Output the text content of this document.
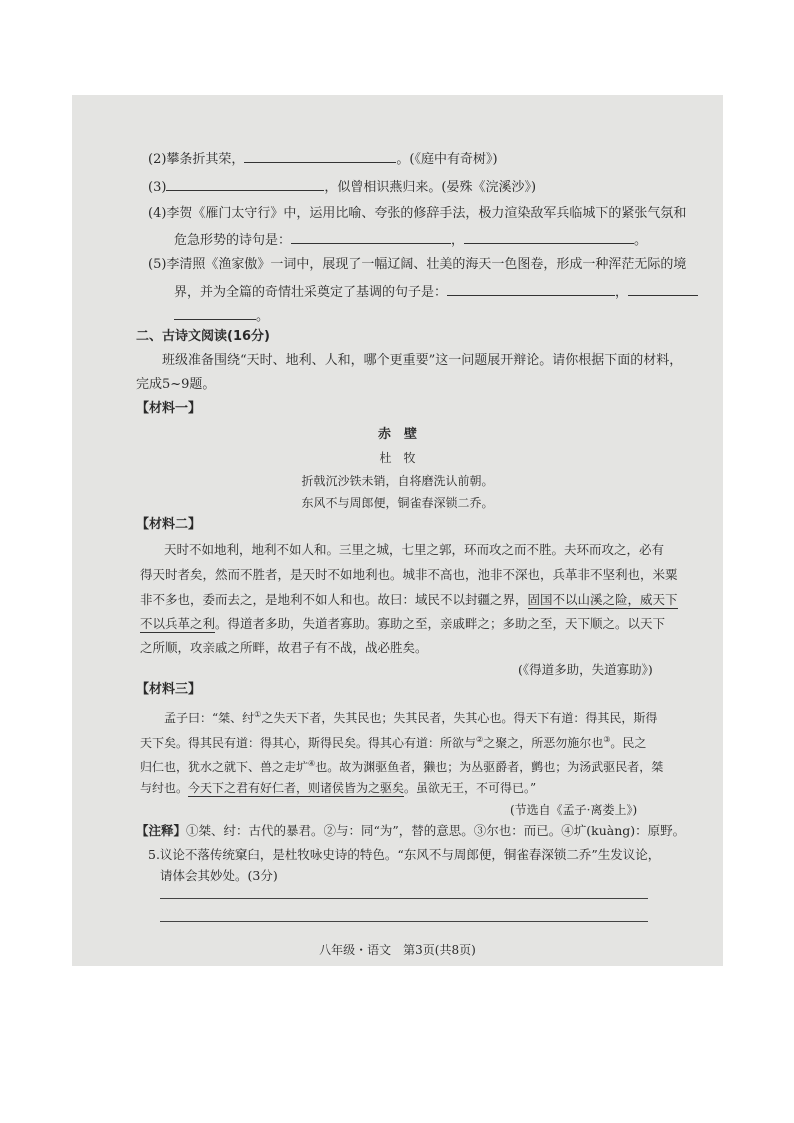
(2)攀条折其荣，	。(《庭中有奇树》)
(3)	，似曾相识燕归来。(晏殊《浣溪沙》)
(4)李贺《雁门太守行》中，运用比喻、夸张的修辞手法，极力渲染敌军兵临城下的紧张气氛和
危急形势的诗句是：	，	。
(5)李清照《渔家傲》一词中，展现了一幅辽阔、壮美的海天一色图卷，形成一种浑茫无际的境
界，并为全篇的奇情壮采奠定了基调的句子是：	，
。
二、古诗文阅读(16分)
班级准备围绕“天时、地利、人和，哪个更重要”这一问题展开辩论。请你根据下面的材料，
完成5~9题。
【材料一】
赤　壁
杜　牧
折戟沉沙铁未销，自将磨洗认前朝。
东风不与周郎便，铜雀春深锁二乔。
【材料二】
天时不如地利，地利不如人和。三里之城，七里之郭，环而攻之而不胜。夫环而攻之，必有
得天时者矣，然而不胜者，是天时不如地利也。城非不高也，池非不深也，兵革非不坚利也，米粟
非不多也，委而去之，是地利不如人和也。故曰：域民不以封疆之界，固国不以山溪之险，威天下
不以兵革之利。得道者多助，失道者寡助。寡助之至，亲戚畔之；多助之至，天下顺之。以天下
之所顺，攻亲戚之所畔，故君子有不战，战必胜矣。
(《得道多助，失道寡助》)
【材料三】
孟子曰：“桀、纣①之失天下者，失其民也；失其民者，失其心也。得天下有道：得其民，斯得
天下矣。得其民有道：得其心，斯得民矣。得其心有道：所欲与②之聚之，所恶勿施尔也③。民之
归仁也，犹水之就下、兽之走圹④也。故为渊驱鱼者，獭也；为丛驱爵者，鹯也；为汤武驱民者，桀
与纣也。今天下之君有好仁者，则诸侯皆为之驱矣。虽欲无王，不可得已。”
(节选自《孟子·离娄上》)
【注释】①桀、纣：古代的暴君。②与：同“为”，替的意思。③尔也：而已。④圹(kuàng)：原野。
5.议论不落传统窠臼，是杜牧咏史诗的特色。“东风不与周郎便，铜雀春深锁二乔”生发议论，
请体会其妙处。(3分)
八年级・语文　第3页(共8页)
